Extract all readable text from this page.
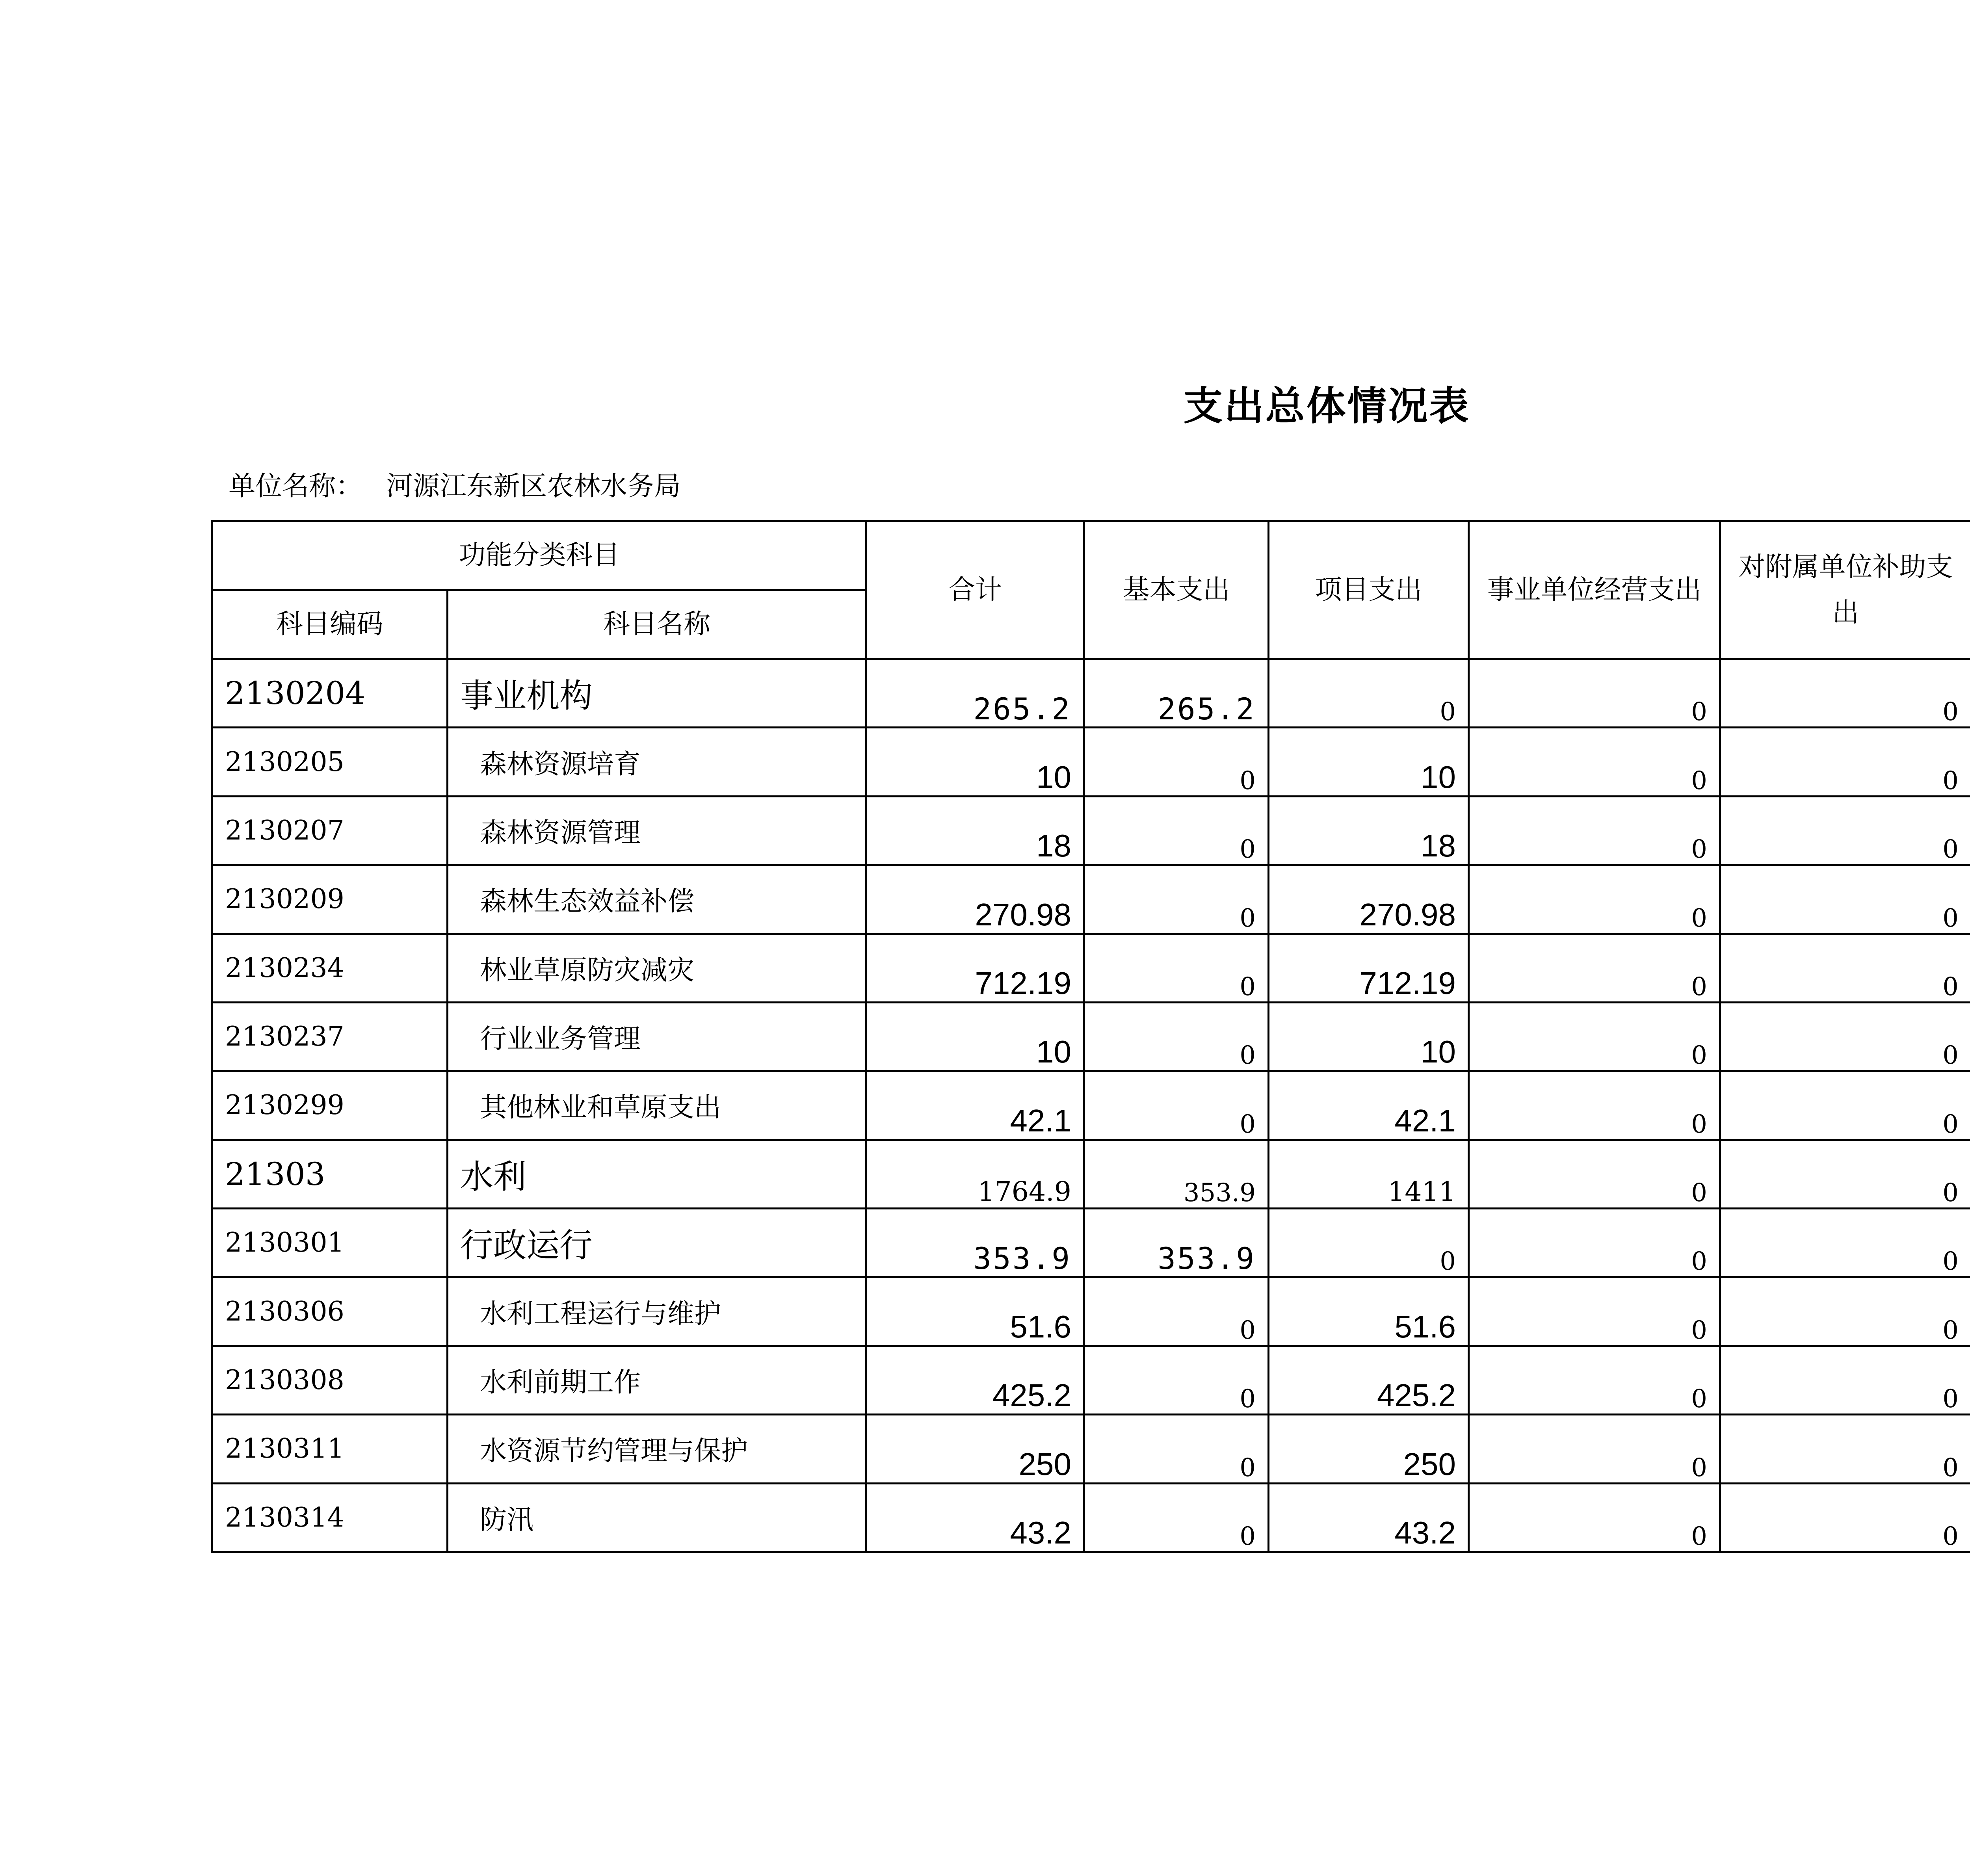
支出总体情况表
单位名称： 河源江东新区农林水务局
功能分类科目		合计	基本支出	项目支出	事业单位经营支出	对附属单位补助支出		
科目编码	科目名称							
2130204	事业机构	265.2	265.2	0	0	0		
2130205	森林资源培育	10	0	10	0	0		
2130207	森林资源管理	18	0	18	0	0		
2130209	森林生态效益补偿	270.98	0	270.98	0	0		
2130234	林业草原防灾减灾	712.19	0	712.19	0	0		
2130237	行业业务管理	10	0	10	0	0		
2130299	其他林业和草原支出	42.1	0	42.1	0	0		
21303	水利	1764.9	353.9	1411	0	0		
2130301	行政运行	353.9	353.9	0	0	0		
2130306	水利工程运行与维护	51.6	0	51.6	0	0		
2130308	水利前期工作	425.2	0	425.2	0	0		
2130311	水资源节约管理与保护	250	0	250	0	0		
2130314	防汛	43.2	0	43.2	0	0		
